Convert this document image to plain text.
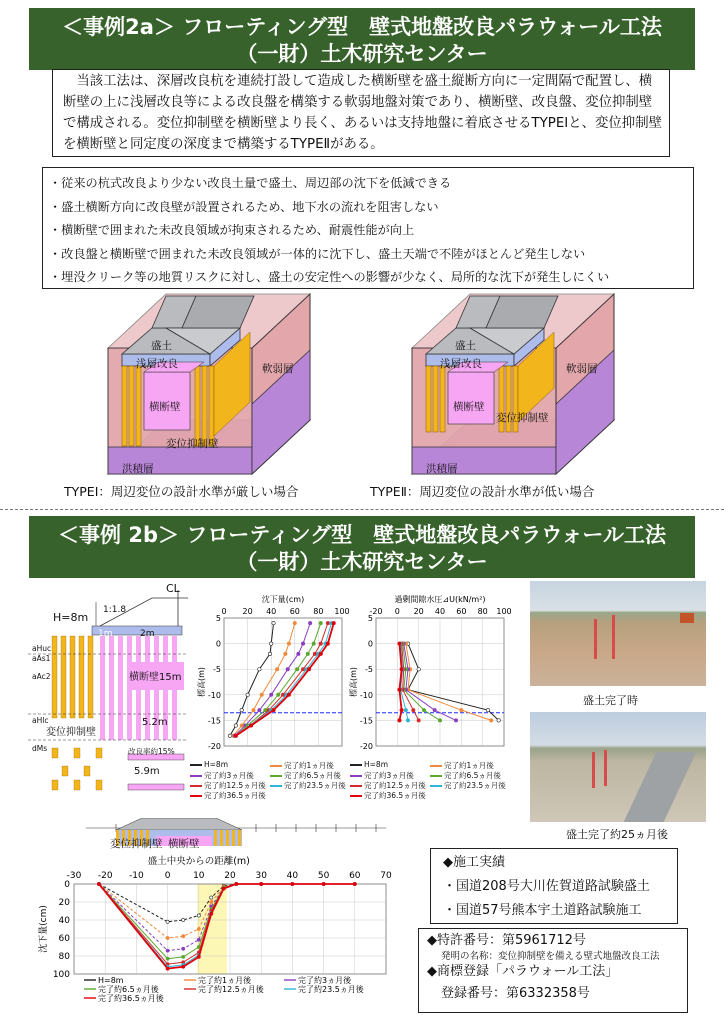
＜事例2a＞ フローティング型　壁式地盤改良パラウォール工法
（一財）土木研究センター
当該工法は、深層改良杭を連続打設して造成した横断壁を盛土縦断方向に一定間隔で配置し、横断壁の上に浅層改良等による改良盤を構築する軟弱地盤対策であり、横断壁、改良盤、変位抑制壁で構成される。変位抑制壁を横断壁より長く、あるいは支持地盤に着底させるTYPEⅠと、変位抑制壁を横断壁と同定度の深度まで構築するTYPEⅡがある。
・従来の杭式改良より少ない改良土量で盛土、周辺部の沈下を低減できる
・盛土横断方向に改良壁が設置されるため、地下水の流れを阻害しない
・横断壁で囲まれた未改良領域が拘束されるため、耐震性能が向上
・改良盤と横断壁で囲まれた未改良領域が一体的に沈下し、盛土天端で不陸がほとんど発生しない
・埋没クリーク等の地質リスクに対し、盛土の安定性への影響が少なく、局所的な沈下が発生しにくい
盛土
浅層改良	軟弱層
横断壁
変位抑制壁
洪積層
TYPEⅠ：周辺変位の設計水準が厳しい場合
盛土
浅層改良	軟弱層
横断壁
変位抑制壁
洪積層
TYPEⅡ：周辺変位の設計水準が低い場合
＜事例 2b＞ フローティング型　壁式地盤改良パラウォール工法
（一財）土木研究センター
CL
H=8m
1:1.8
1m	2m
aHuc
aAs1
aAc2
aHlc
dMs
横断壁15m
変位抑制壁
5.2m
5.9m
改良率約15%
0 20 40 60 80 100
-20
-15
-10
-5
0
5
沈下量(cm)
標高(m)
-20 0 20 40 60 80 100
-20
-15
-10
-5
0
5
過剰間隙水圧⊿U(kN/m²)
標高(m)
H=8m	完了約1ヵ月後
完了約3ヵ月後	完了約6.5ヵ月後
完了約12.5ヵ月後	完了約23.5ヵ月後
完了約36.5ヵ月後
H=8m	完了約1ヵ月後
完了約3ヵ月後	完了約6.5ヵ月後
完了約12.5ヵ月後	完了約23.5ヵ月後
完了約36.5ヵ月後
盛土完了時
盛土完了約25ヵ月後
変位抑制壁 横断壁
-30 -20 -10 0	10 20 30 40 50 60 70
0
20
40
60
80
100
盛土中央からの距離(m)
沈下量(cm)
H=8m	完了約1ヵ月後	完了約3ヵ月後
完了約6.5ヵ月後	完了約12.5ヵ月後	完了約23.5ヵ月後
完了約36.5ヵ月後
◆施工実績
・国道208号大川佐賀道路試験盛土
・国道57号熊本宇土道路試験施工
◆特許番号：第5961712号
発明の名称：変位抑制壁を備える壁式地盤改良工法
◆商標登録「パラウォール工法」
登録番号：第6332358号
